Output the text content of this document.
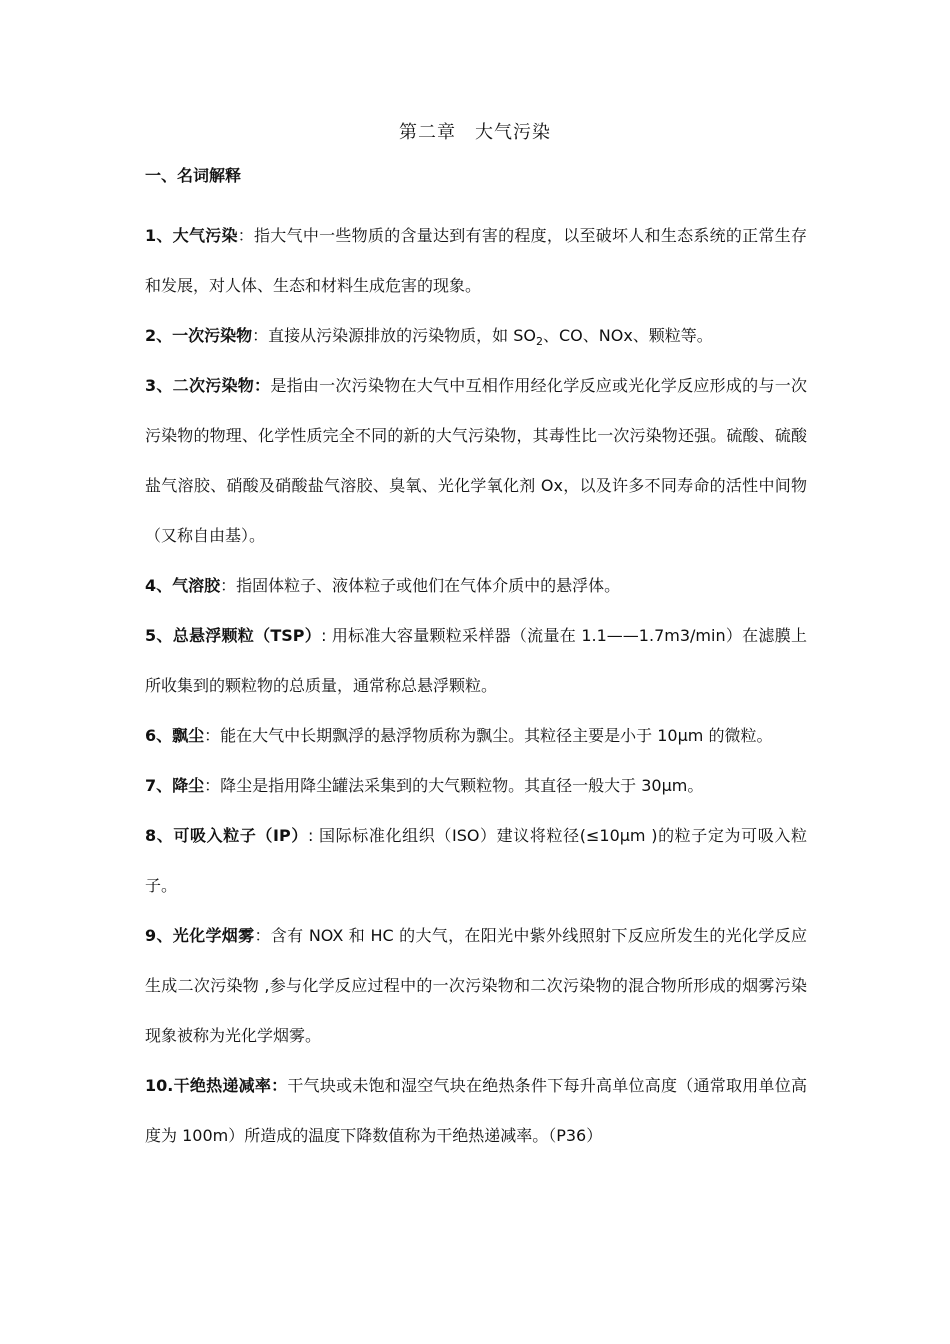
第二章　大气污染
一、名词解释

1、大气污染：指大气中一些物质的含量达到有害的程度，以至破坏人和生态系统的正常生存和发展，对人体、生态和材料生成危害的现象。

2、一次污染物：直接从污染源排放的污染物质，如 $SO_2$、CO、NOx、颗粒等。

3、二次污染物：是指由一次污染物在大气中互相作用经化学反应或光化学反应形成的与一次污染物的物理、化学性质完全不同的新的大气污染物，其毒性比一次污染物还强。硫酸、硫酸盐气溶胶、硝酸及硝酸盐气溶胶、臭氧、光化学氧化剂 Ox，以及许多不同寿命的活性中间物（又称自由基）。

4、气溶胶：指固体粒子、液体粒子或他们在气体介质中的悬浮体。

5、总悬浮颗粒（TSP）: 用标准大容量颗粒采样器（流量在 1.1——1.7m3/min）在滤膜上所收集到的颗粒物的总质量，通常称总悬浮颗粒。

6、飘尘：能在大气中长期飘浮的悬浮物质称为飘尘。其粒径主要是小于 10μm 的微粒。

7、降尘：降尘是指用降尘罐法采集到的大气颗粒物。其直径一般大于 30μm。

8、可吸入粒子（IP）: 国际标准化组织（ISO）建议将粒径(≤10μm )的粒子定为可吸入粒子。

9、光化学烟雾：含有 NOX 和 HC 的大气，在阳光中紫外线照射下反应所发生的光化学反应生成二次污染物 ,参与化学反应过程中的一次污染物和二次污染物的混合物所形成的烟雾污染现象被称为光化学烟雾。

10.干绝热递减率：干气块或未饱和湿空气块在绝热条件下每升高单位高度（通常取用单位高度为 100m）所造成的温度下降数值称为干绝热递减率。（P36）
